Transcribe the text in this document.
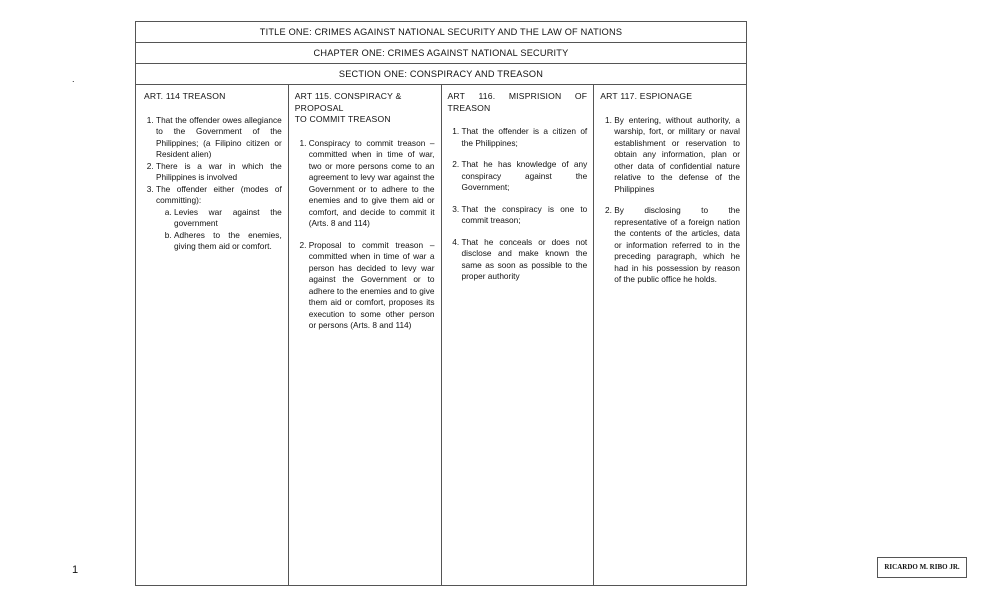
.
1	RICARDO M. RIBO JR.
TITLE ONE: CRIMES AGAINST NATIONAL SECURITY AND THE LAW OF NATIONS
CHAPTER ONE: CRIMES AGAINST NATIONAL SECURITY
SECTION ONE: CONSPIRACY AND TREASON
ART. 114 TREASON
1. That the offender owes allegiance to the Government of the Philippines; (a Filipino citizen or Resident alien)
2. There is a war in which the Philippines is involved
3. The offender either (modes of committing):
a. Levies war against the government
b. Adheres to the enemies, giving them aid or comfort.
ART 115. CONSPIRACY &
PROPOSAL
TO COMMIT TREASON
1. Conspiracy to commit treason – committed when in time of war, two or more persons come to an agreement to levy war against the Government or to adhere to the enemies and to give them aid or comfort, and decide to commit it (Arts. 8 and 114)
2. Proposal to commit treason – committed when in time of war a person has decided to levy war against the Government or to adhere to the enemies and to give them aid or comfort, proposes its execution to some other person or persons (Arts. 8 and 114)
ART 116. MISPRISION OF
TREASON
1. That the offender is a citizen of the Philippines;
2. That he has knowledge of any conspiracy against the Government;
3. That the conspiracy is one to commit treason;
4. That he conceals or does not disclose and make known the same as soon as possible to the proper authority
ART 117. ESPIONAGE
1. By entering, without authority, a warship, fort, or military or naval establishment or reservation to obtain any information, plan or other data of confidential nature relative to the defense of the Philippines
2. By disclosing to the representative of a foreign nation the contents of the articles, data or information referred to in the preceding paragraph, which he had in his possession by reason of the public office he holds.
